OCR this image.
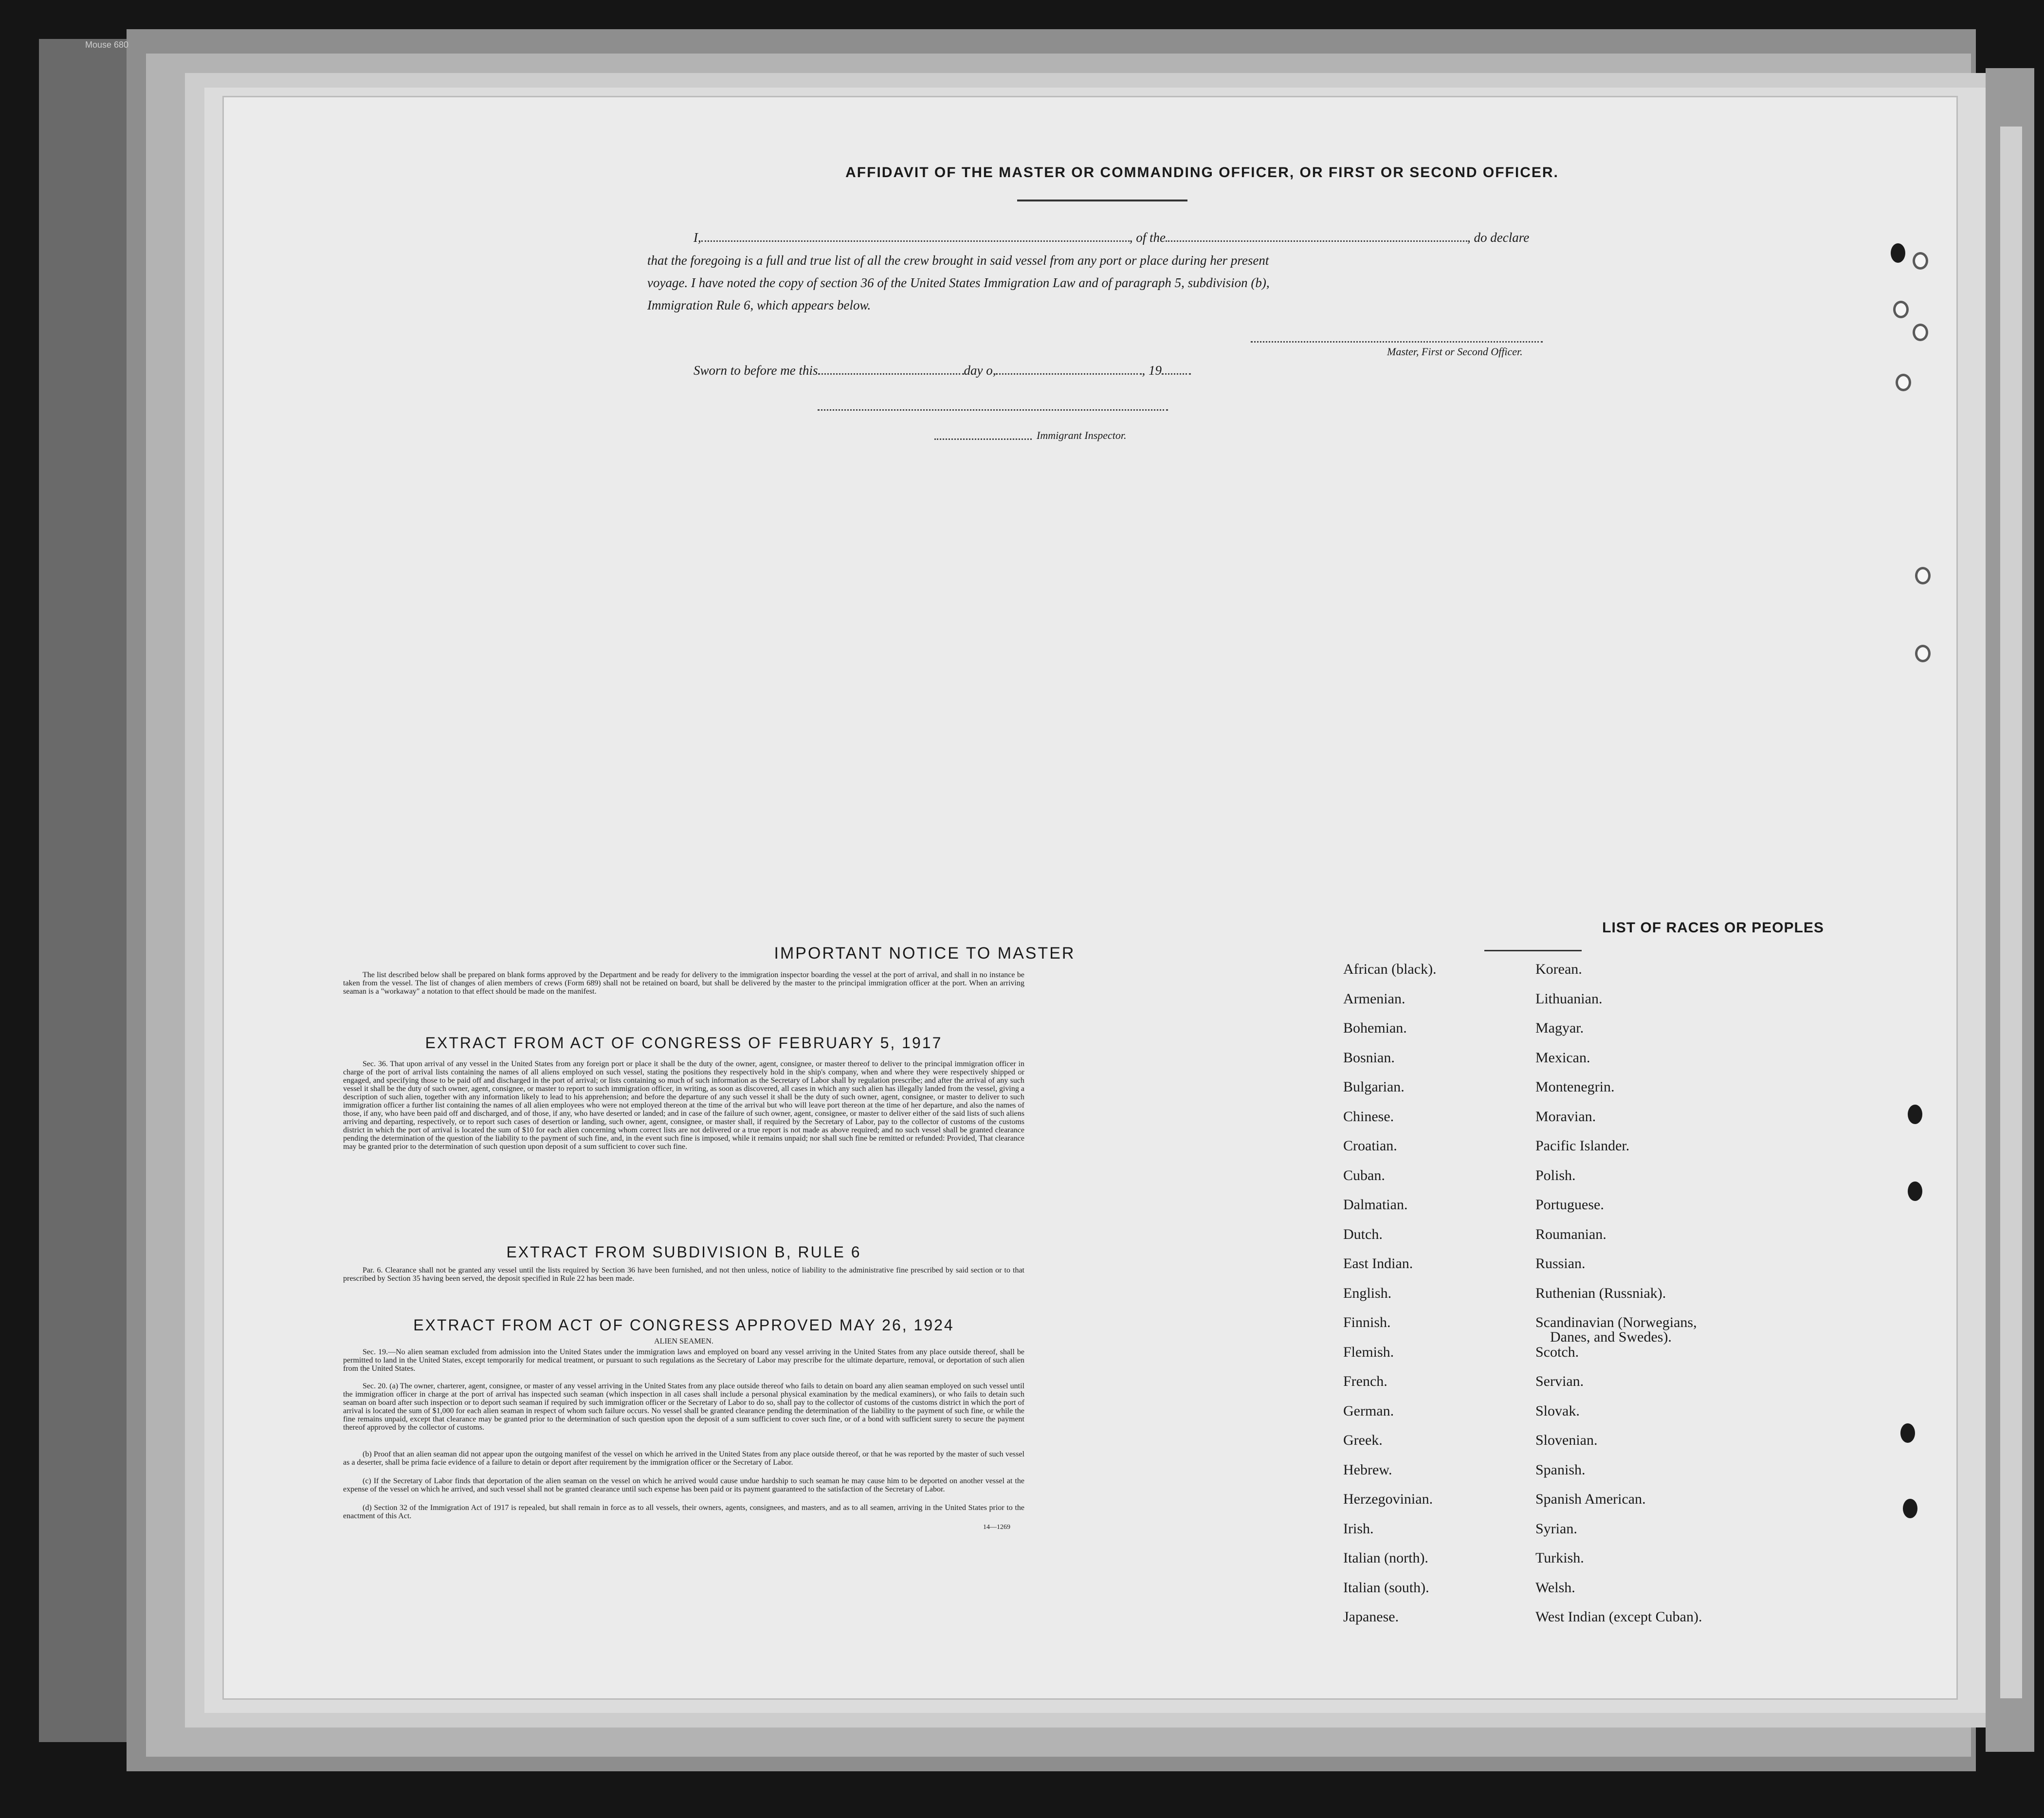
Mouse 680
AFFIDAVIT OF THE MASTER OR COMMANDING OFFICER, OR FIRST OR SECOND OFFICER.
I,	, of the	, do declare
that the foregoing is a full and true list of all the crew brought in said vessel from any port or place during her present
voyage. I have noted the copy of section 36 of the United States Immigration Law and of paragraph 5, subdivision (b),
Immigration Rule 6, which appears below.
Master, First or Second Officer.
Sworn to before me this	day o,	, 19
Immigrant Inspector.
IMPORTANT NOTICE TO MASTER
The list described below shall be prepared on blank forms approved by the Department and be ready for delivery to the immigration inspector boarding the vessel at the port of arrival, and shall in no instance be taken from the vessel. The list of changes of alien members of crews (Form 689) shall not be retained on board, but shall be delivered by the master to the principal immigration officer at the port. When an arriving seaman is a "workaway" a notation to that effect should be made on the manifest.
EXTRACT FROM ACT OF CONGRESS OF FEBRUARY 5, 1917
Sec. 36. That upon arrival of any vessel in the United States from any foreign port or place it shall be the duty of the owner, agent, consignee, or master thereof to deliver to the principal immigration officer in charge of the port of arrival lists containing the names of all aliens employed on such vessel, stating the positions they respectively hold in the ship's company, when and where they were respectively shipped or engaged, and specifying those to be paid off and discharged in the port of arrival; or lists containing so much of such information as the Secretary of Labor shall by regulation prescribe; and after the arrival of any such vessel it shall be the duty of such owner, agent, consignee, or master to report to such immigration officer, in writing, as soon as discovered, all cases in which any such alien has illegally landed from the vessel, giving a description of such alien, together with any information likely to lead to his apprehension; and before the departure of any such vessel it shall be the duty of such owner, agent, consignee, or master to deliver to such immigration officer a further list containing the names of all alien employees who were not employed thereon at the time of the arrival but who will leave port thereon at the time of her departure, and also the names of those, if any, who have been paid off and discharged, and of those, if any, who have deserted or landed; and in case of the failure of such owner, agent, consignee, or master to deliver either of the said lists of such aliens arriving and departing, respectively, or to report such cases of desertion or landing, such owner, agent, consignee, or master shall, if required by the Secretary of Labor, pay to the collector of customs of the customs district in which the port of arrival is located the sum of $10 for each alien concerning whom correct lists are not delivered or a true report is not made as above required; and no such vessel shall be granted clearance pending the determination of the question of the liability to the payment of such fine, and, in the event such fine is imposed, while it remains unpaid; nor shall such fine be remitted or refunded: Provided, That clearance may be granted prior to the determination of such question upon deposit of a sum sufficient to cover such fine.
EXTRACT FROM SUBDIVISION B, RULE 6
Par. 6. Clearance shall not be granted any vessel until the lists required by Section 36 have been furnished, and not then unless, notice of liability to the administrative fine prescribed by said section or to that prescribed by Section 35 having been served, the deposit specified in Rule 22 has been made.
EXTRACT FROM ACT OF CONGRESS APPROVED MAY 26, 1924
ALIEN SEAMEN.
Sec. 19.—No alien seaman excluded from admission into the United States under the immigration laws and employed on board any vessel arriving in the United States from any place outside thereof, shall be permitted to land in the United States, except temporarily for medical treatment, or pursuant to such regulations as the Secretary of Labor may prescribe for the ultimate departure, removal, or deportation of such alien from the United States.
Sec. 20. (a) The owner, charterer, agent, consignee, or master of any vessel arriving in the United States from any place outside thereof who fails to detain on board any alien seaman employed on such vessel until the immigration officer in charge at the port of arrival has inspected such seaman (which inspection in all cases shall include a personal physical examination by the medical examiners), or who fails to detain such seaman on board after such inspection or to deport such seaman if required by such immigration officer or the Secretary of Labor to do so, shall pay to the collector of customs of the customs district in which the port of arrival is located the sum of $1,000 for each alien seaman in respect of whom such failure occurs. No vessel shall be granted clearance pending the determination of the liability to the payment of such fine, or while the fine remains unpaid, except that clearance may be granted prior to the determination of such question upon the deposit of a sum sufficient to cover such fine, or of a bond with sufficient surety to secure the payment thereof approved by the collector of customs.
(b) Proof that an alien seaman did not appear upon the outgoing manifest of the vessel on which he arrived in the United States from any place outside thereof, or that he was reported by the master of such vessel as a deserter, shall be prima facie evidence of a failure to detain or deport after requirement by the immigration officer or the Secretary of Labor.
(c) If the Secretary of Labor finds that deportation of the alien seaman on the vessel on which he arrived would cause undue hardship to such seaman he may cause him to be deported on another vessel at the expense of the vessel on which he arrived, and such vessel shall not be granted clearance until such expense has been paid or its payment guaranteed to the satisfaction of the Secretary of Labor.
(d) Section 32 of the Immigration Act of 1917 is repealed, but shall remain in force as to all vessels, their owners, agents, consignees, and masters, and as to all seamen, arriving in the United States prior to the enactment of this Act.
14—1269
LIST OF RACES OR PEOPLES
African (black).
Armenian.
Bohemian.
Bosnian.
Bulgarian.
Chinese.
Croatian.
Cuban.
Dalmatian.
Dutch.
East Indian.
English.
Finnish.
Flemish.
French.
German.
Greek.
Hebrew.
Herzegovinian.
Irish.
Italian (north).
Italian (south).
Japanese.
Korean.
Lithuanian.
Magyar.
Mexican.
Montenegrin.
Moravian.
Pacific Islander.
Polish.
Portuguese.
Roumanian.
Russian.
Ruthenian (Russniak).
Scandinavian (Norwegians,
Danes, and Swedes).
Scotch.
Servian.
Slovak.
Slovenian.
Spanish.
Spanish American.
Syrian.
Turkish.
Welsh.
West Indian (except Cuban).
